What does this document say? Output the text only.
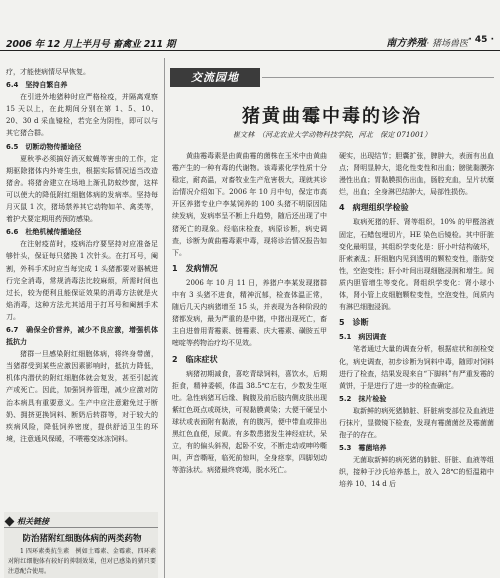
2006 年 12 月上半月号 畜禽业 211 期	南方养殖· 猪场兽医 · 45 ·

疗，才能使病情尽早恢复。

6.4　坚持自繁自养

在引进外地猪种时应严格检疫，并隔离观察 15 天以上，在此期间分别在第 1、5、10、20、30 d 采血镜检，若完全为阴性，即可以与其它猪合群。

6.5　切断动物传播途径

夏秋季必须搞好消灭蚊蝇等害虫的工作，定期驱除猪体内外寄生虫，根据实际情况适当改造猪舍。将猪舍建立在场地上渐孔防蚊纱窗，这样可以使大的降低附红细胞体病的发病率。坚持每月灭鼠 1 次，猪场禁养其它动物如羊、禽类等，着护犬要定期用药预防感染。

6.6　杜绝机械传播途径

在注射疫苗时，疫病治疗要坚持对应准备足够针头，保证每只猪换 1 次针头。在打耳号，阉割，外科手术时应当每完成 1 头猪都要对器械进行完全消毒，常规消毒法比较麻烦，所需时间也过长，较为便利且能保证效果的消毒方法就是火焰消毒，这种方法尤其适用于打耳号和阉割手术刀。

6.7　确保全价营养，减少不良应激，增强机体抵抗力

猪群一旦感染附红细胞体病，将终身带菌，当猪群受到某些应激因素影响时，抵抗力降低，机体内潜伏的附红细胞体就会复发，甚至引起流产或死亡。因此，加强饲养管理，减少应激对防治本病具有重要意义。生产中应注意避免过于断奶、拥挤更换饲料、断奶后转群等，对于较大的疾病风险，降低饲养密度，提供舒适卫生的环境，注意通风保暖，不喂霉变冰冻饲料。

相关链接
防治猪附红细胞体病的两类药物
1 四环素类抗生素　例如土霉素、金霉素、四环素对附红细胞体有较好的抑制效果，但对已感染的猪只要注意配合使用。
交流园地
猪黄曲霉中毒的诊治
崔文林　（河北农业大学动物科技学院，河北　保定 071001）

黄曲霉毒素是由黄曲霉的菌株在玉米中由黄曲霉产生的一种有毒的代谢物。该毒素化学性质十分稳定，耐高温，对畜牧业生产危害极大，现就其诊治情况介绍如下。2006 年 10 月中旬，保定市高开区养猪专业户李某饲养的 100 头猪不明原因陆续发病，发病率呈不断上升趋势，随后还出现了中猪死亡的现象。经临床检查，病原诊断，病史调查，诊断为黄曲霉毒素中毒，现将诊治情况报告如下。

1　发病情况

2006 年 10 月 11 日，养猪户李某发现猪群中有 3 头猪不进食，精神沉郁，检查体温正常，随后几天内病猪增至 15 头，并表现为各种阶段的猪都发病，最为严重的是中猪，中猪出现死亡，畜主自进曾用青霉素、链霉素、庆大霉素、磺胺五甲嘧啶等药物治疗均不见效。

2　临床症状

病猪初期减食，喜吃青绿饲料，喜饮水，后期拒食，精神委顿，体温 38.5℃左右，少数发生呕吐。急性病猪耳后缘、胸腹及前后肢内侧皮肤出现紫红色斑点或斑块，可视黏膜黄染；大便干硬呈小球状或表面附有黏液，有的腹泻，便中带血或排出黑红色血便，尿黄。有多数患猪发生神经症状，呆立，有的偏头斜视，起卧不安，不断走动或呻吟嘶叫，声音嘶哑，临死前惊叫，全身痉挛，四脚划动等游泳状。病猪最终衰竭，脱水死亡。

硬实，出现结节；胆囊扩张，脾肿大，表面有出血点；肾明显肿大，退化性变性和出血；膀胱黏膜弥漫性出血；胃黏膜损伤出血，肠腔充血，呈片状糜烂，出血；全身淋巴结肿大，局部性损伤。

4　病理组织学检验

取病死猪的肝、肾等组织，10% 的甲醛溶液固定，石蜡包埋切片，HE 染色后镜检。其中肝脏变化最明显，其组织学变化是：肝小叶结构破坏，肝索紊乱；肝细胞内见到透明的颗粒变性，脂肪变性，空泡变性；肝小叶间出现细胞浸润和增生。间质内胆管增生等变化。肾组织学变化：肾小球小体，肾小管上皮细胞颗粒变性，空泡变性，间质内有淋巴细胞浸润。

5　诊断

5.1　病因调查

笔者通过大量的调查分析，根据症状和剖检变化，病史调查，初步诊断为饲料中毒，随即对饲料进行了检查，结果发现来自“下脚料”有严重发霉的黄饼，于是进行了进一步的检查确定。

5.2　抹片检验

取新鲜的病死猪肺脏、肝脏病变部位及血液进行抹片，显微镜下检查，发现有霉菌菌丝及霉菌菌孢子的存在。

5.3　霉菌培养

无菌取新鲜的病死猪的肺脏、肝脏、血液等组织，接种于沙氏培养基上，放入 28℃的恒温箱中培养 10、14 d 后
